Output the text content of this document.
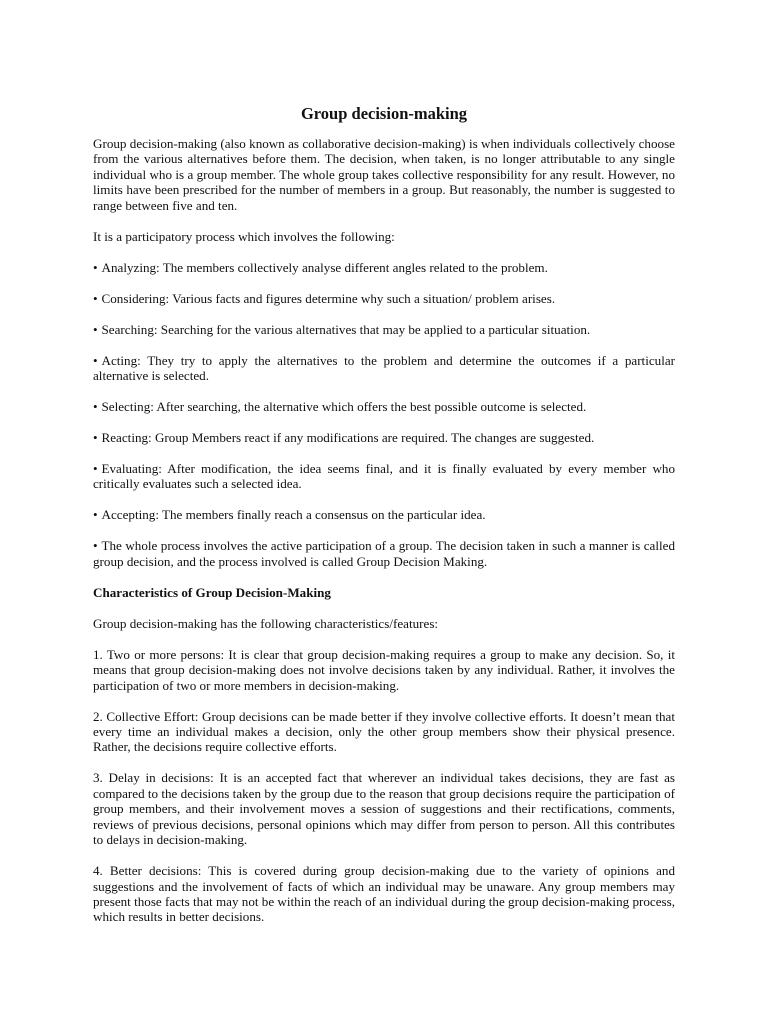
Group decision-making

Group decision-making (also known as collaborative decision-making) is when individuals collectively choose from the various alternatives before them. The decision, when taken, is no longer attributable to any single individual who is a group member. The whole group takes collective responsibility for any result. However, no limits have been prescribed for the number of members in a group. But reasonably, the number is suggested to range between five and ten.

It is a participatory process which involves the following:

• Analyzing: The members collectively analyse different angles related to the problem.
• Considering: Various facts and figures determine why such a situation/ problem arises.
• Searching: Searching for the various alternatives that may be applied to a particular situation.
• Acting: They try to apply the alternatives to the problem and determine the outcomes if a particular alternative is selected.
• Selecting: After searching, the alternative which offers the best possible outcome is selected.
• Reacting: Group Members react if any modifications are required. The changes are suggested.
• Evaluating: After modification, the idea seems final, and it is finally evaluated by every member who critically evaluates such a selected idea.
• Accepting: The members finally reach a consensus on the particular idea.
• The whole process involves the active participation of a group. The decision taken in such a manner is called group decision, and the process involved is called Group Decision Making.
Characteristics of Group Decision-Making

Group decision-making has the following characteristics/features:

1. Two or more persons: It is clear that group decision-making requires a group to make any decision. So, it means that group decision-making does not involve decisions taken by any individual. Rather, it involves the participation of two or more members in decision-making.

2. Collective Effort: Group decisions can be made better if they involve collective efforts. It doesn’t mean that every time an individual makes a decision, only the other group members show their physical presence. Rather, the decisions require collective efforts.

3. Delay in decisions: It is an accepted fact that wherever an individual takes decisions, they are fast as compared to the decisions taken by the group due to the reason that group decisions require the participation of group members, and their involvement moves a session of suggestions and their rectifications, comments, reviews of previous decisions, personal opinions which may differ from person to person. All this contributes to delays in decision-making.

4. Better decisions: This is covered during group decision-making due to the variety of opinions and suggestions and the involvement of facts of which an individual may be unaware. Any group members may present those facts that may not be within the reach of an individual during the group decision-making process, which results in better decisions.
